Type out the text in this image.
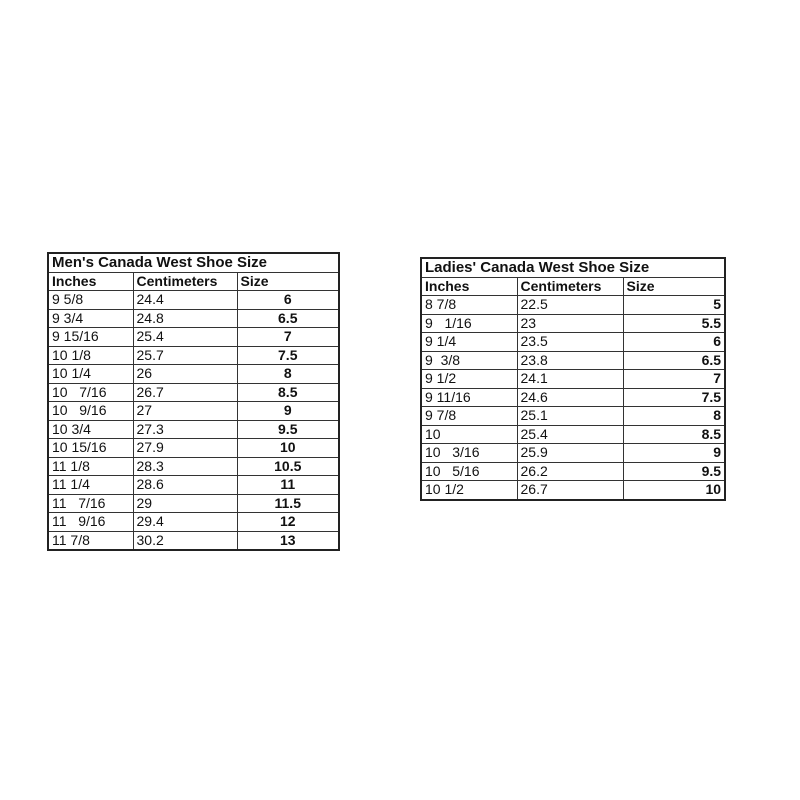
Men's Canada West Shoe Size		
Inches	Centimeters	Size
9 5/8	24.4	6
9 3/4	24.8	6.5
9 15/16	25.4	7
10 1/8	25.7	7.5
10 1/4	26	8
10   7/16	26.7	8.5
10   9/16	27	9
10 3/4	27.3	9.5
10 15/16	27.9	10
11 1/8	28.3	10.5
11 1/4	28.6	11
11   7/16	29	11.5
11   9/16	29.4	12
11 7/8	30.2	13
Ladies' Canada West Shoe Size		
Inches	Centimeters	Size
8 7/8	22.5	5
9   1/16	23	5.5
9 1/4	23.5	6
9  3/8	23.8	6.5
9 1/2	24.1	7
9 11/16	24.6	7.5
9 7/8	25.1	8
10	25.4	8.5
10   3/16	25.9	9
10   5/16	26.2	9.5
10 1/2	26.7	10
